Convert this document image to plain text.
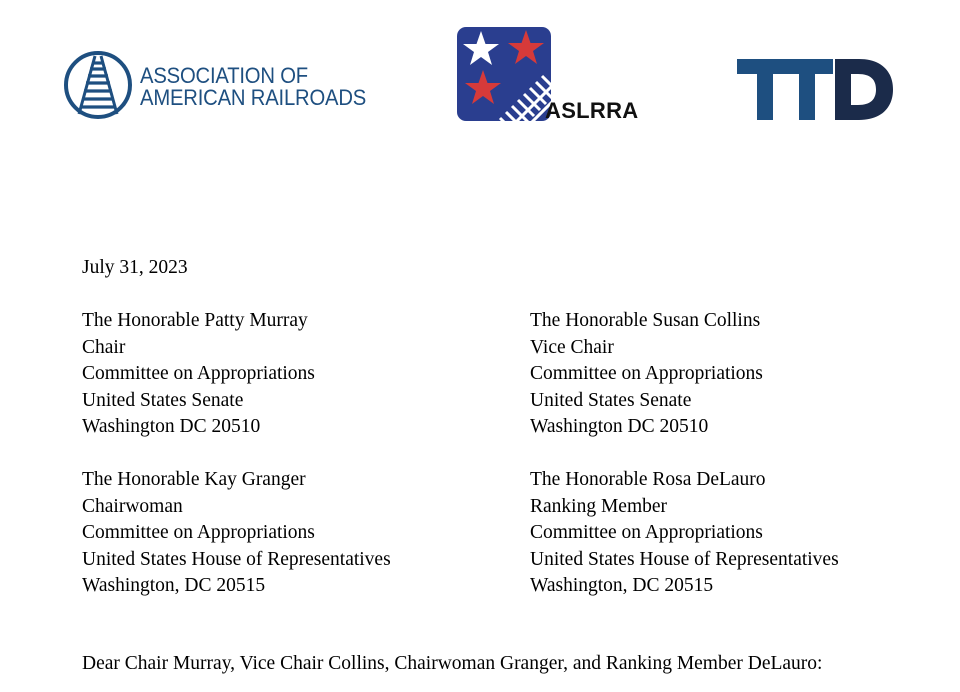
ASSOCIATION OF
AMERICAN RAILROADS
ASLRRA

July 31, 2023

The Honorable Patty Murray
Chair
Committee on Appropriations
United States Senate
Washington DC 20510
The Honorable Susan Collins
Vice Chair
Committee on Appropriations
United States Senate
Washington DC 20510
The Honorable Kay Granger
Chairwoman
Committee on Appropriations
United States House of Representatives
Washington, DC 20515
The Honorable Rosa DeLauro
Ranking Member
Committee on Appropriations
United States House of Representatives
Washington, DC 20515
Dear Chair Murray, Vice Chair Collins, Chairwoman Granger, and Ranking Member DeLauro:
